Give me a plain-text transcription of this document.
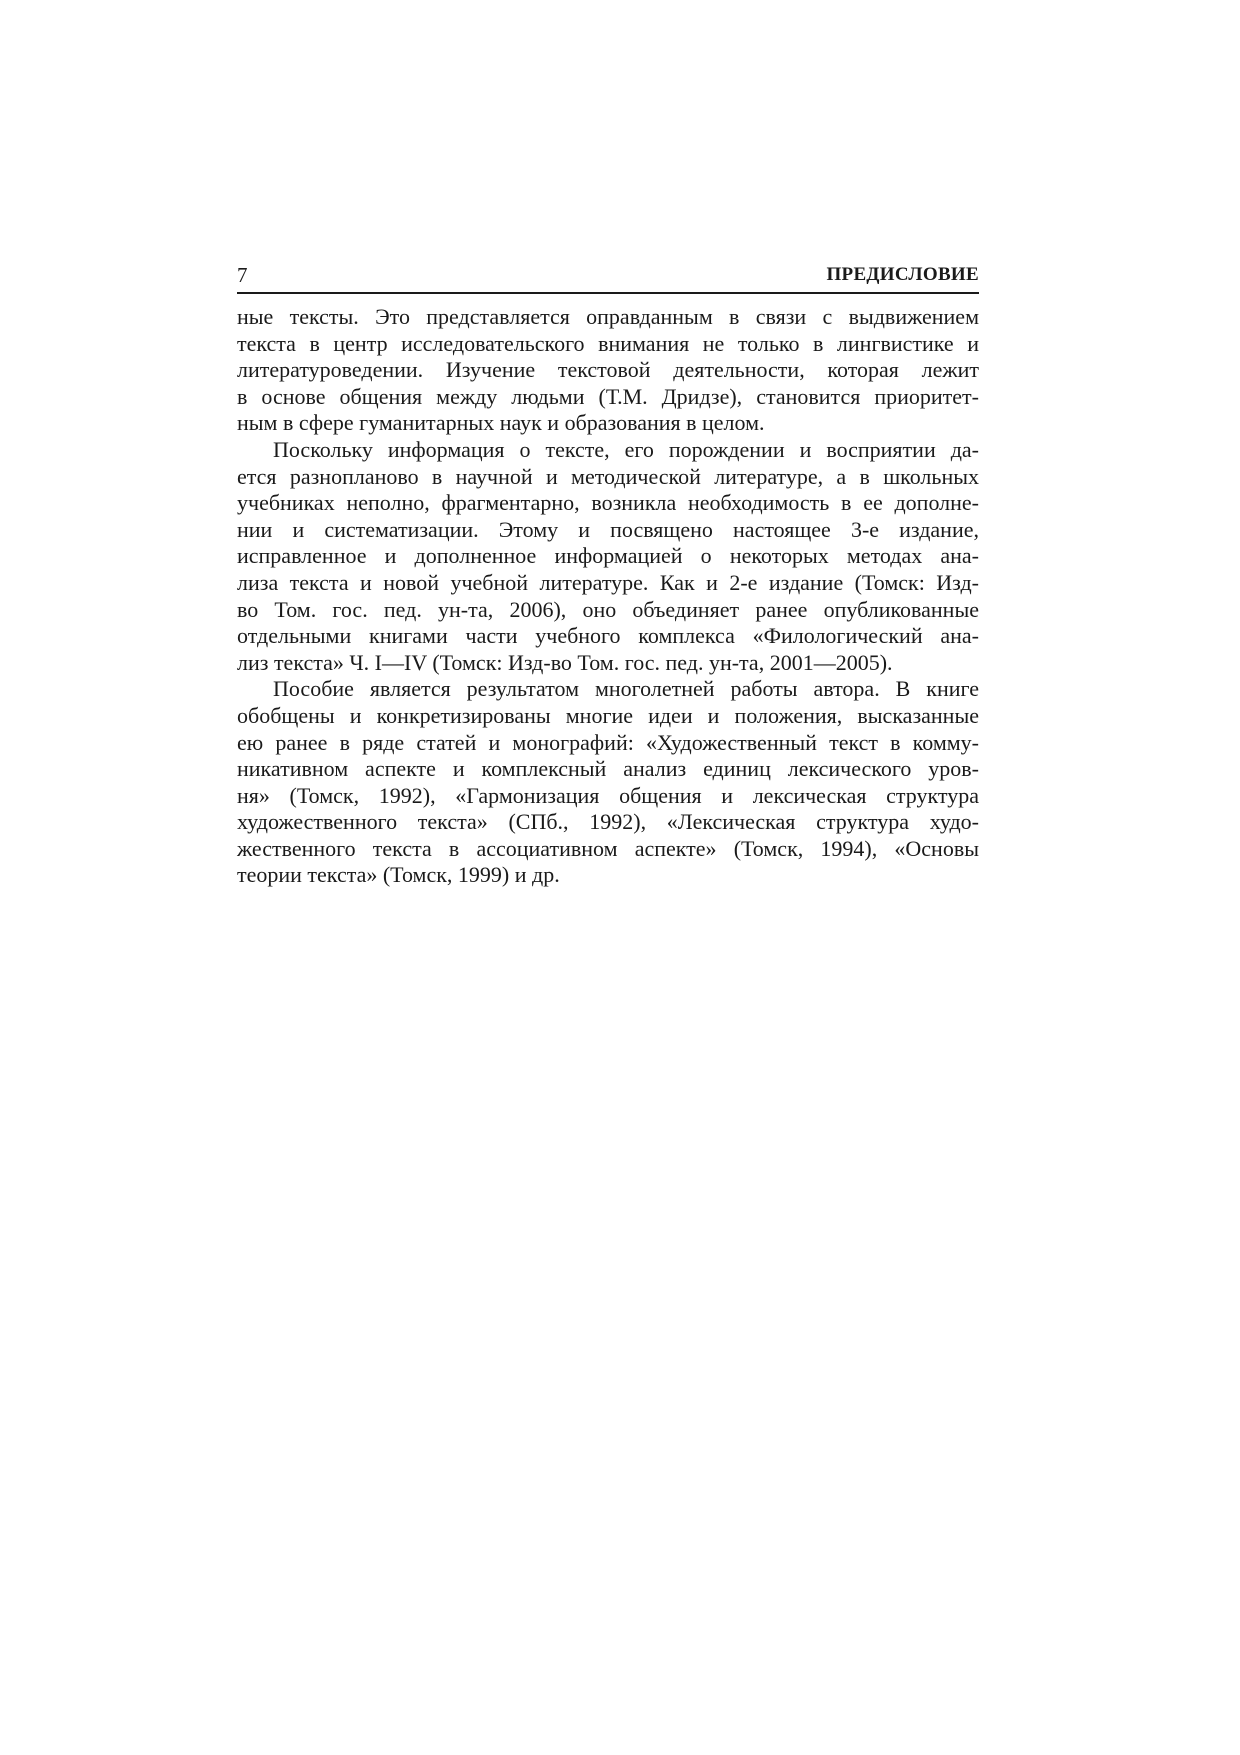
7	ПРЕДИСЛОВИЕ
ные тексты. Это представляется оправданным в связи с выдвижением
текста в центр исследовательского внимания не только в лингвистике и
литературоведении. Изучение текстовой деятельности, которая лежит
в основе общения между людьми (Т.М. Дридзе), становится приоритет-
ным в сфере гуманитарных наук и образования в целом.
Поскольку информация о тексте, его порождении и восприятии да-
ется разнопланово в научной и методической литературе, а в школьных
учебниках неполно, фрагментарно, возникла необходимость в ее дополне-
нии и систематизации. Этому и посвящено настоящее 3-е издание,
исправленное и дополненное информацией о некоторых методах ана-
лиза текста и новой учебной литературе. Как и 2-е издание (Томск: Изд-
во Том. гос. пед. ун-та, 2006), оно объединяет ранее опубликованные
отдельными книгами части учебного комплекса «Филологический ана-
лиз текста» Ч. I—IV (Томск: Изд-во Том. гос. пед. ун-та, 2001—2005).
Пособие является результатом многолетней работы автора. В книге
обобщены и конкретизированы многие идеи и положения, высказанные
ею ранее в ряде статей и монографий: «Художественный текст в комму-
никативном аспекте и комплексный анализ единиц лексического уров-
ня» (Томск, 1992), «Гармонизация общения и лексическая структура
художественного текста» (СПб., 1992), «Лексическая структура худо-
жественного текста в ассоциативном аспекте» (Томск, 1994), «Основы
теории текста» (Томск, 1999) и др.
